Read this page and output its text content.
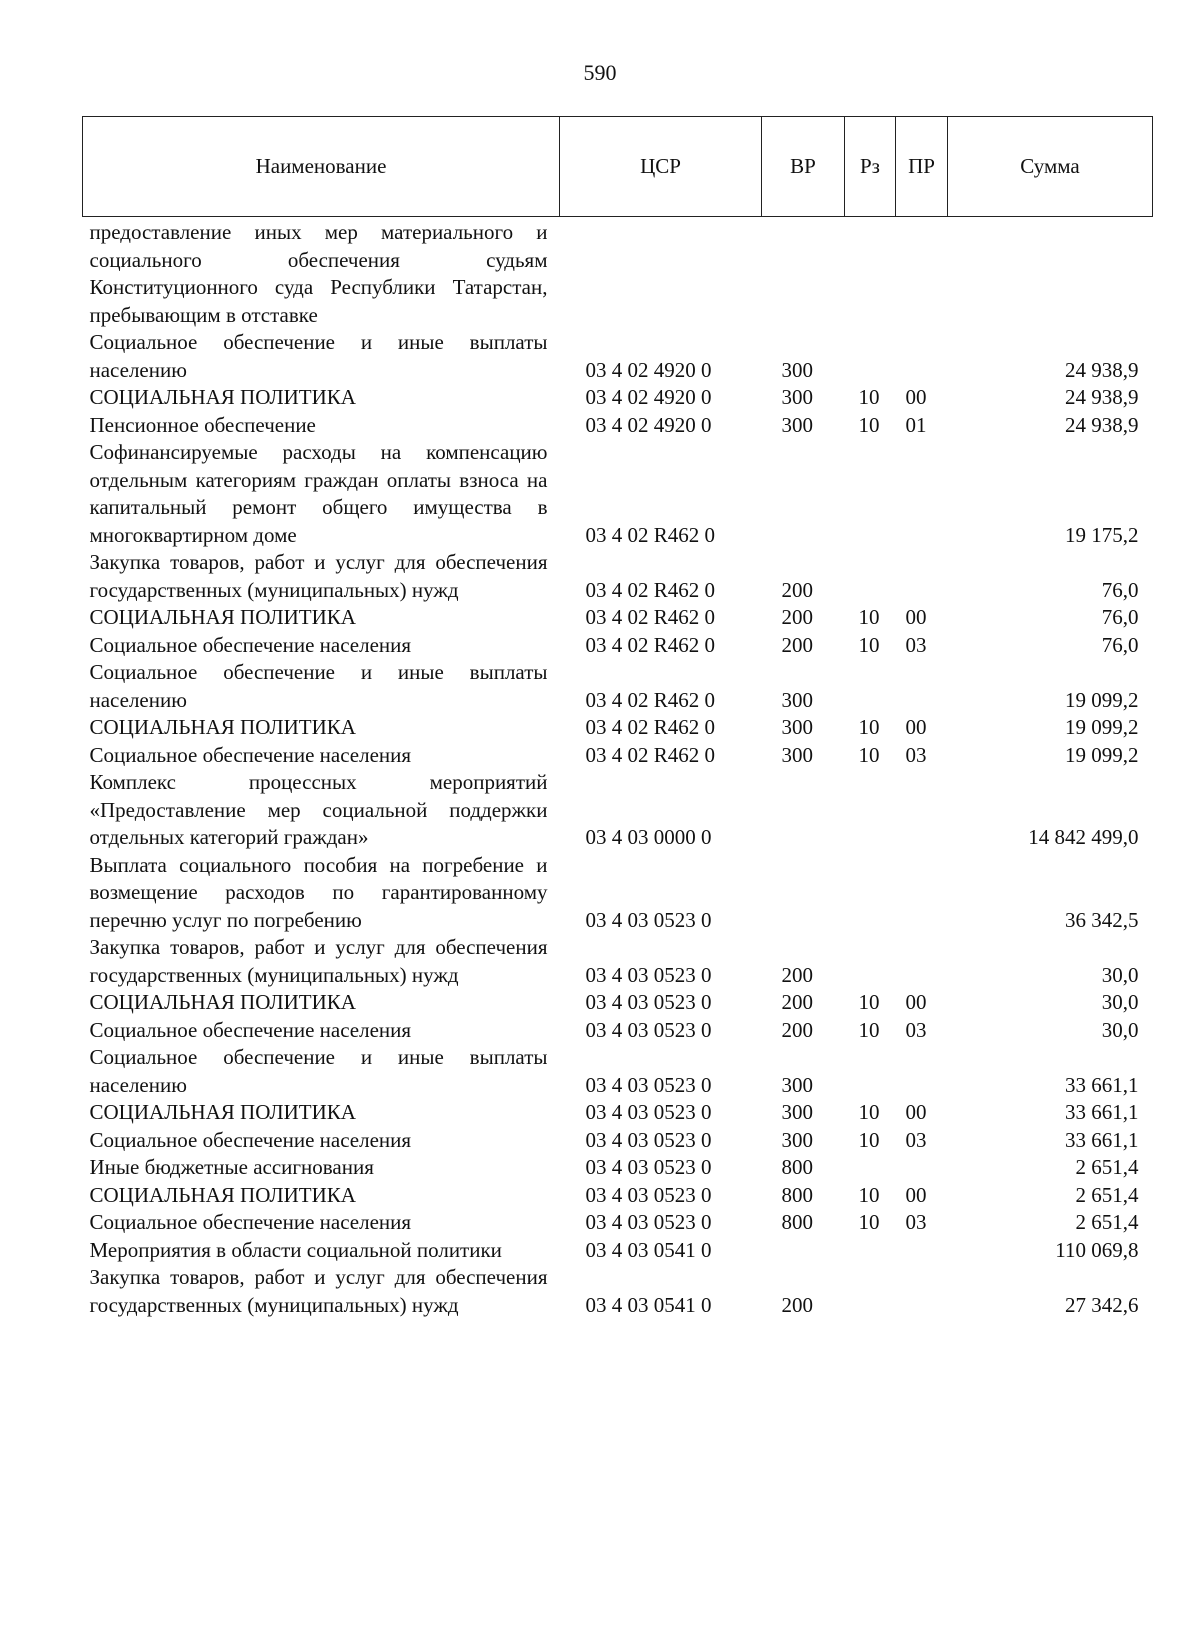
590
Наименование	ЦСР	ВР	Рз	ПР	Сумма
предоставление иных мер материального и социального обеспечения судьям Конституционного суда Республики Татарстан, пребывающим в отставке					
Социальное обеспечение и иные выплаты населению	03 4 02 4920 0	300			24 938,9
СОЦИАЛЬНАЯ ПОЛИТИКА	03 4 02 4920 0	300	10	00	24 938,9
Пенсионное обеспечение	03 4 02 4920 0	300	10	01	24 938,9
Софинансируемые расходы на компенсацию отдельным категориям граждан оплаты взноса на капитальный ремонт общего имущества в многоквартирном доме	03 4 02 R462 0				19 175,2
Закупка товаров, работ и услуг для обеспечения государственных (муниципальных) нужд	03 4 02 R462 0	200			76,0
СОЦИАЛЬНАЯ ПОЛИТИКА	03 4 02 R462 0	200	10	00	76,0
Социальное обеспечение населения	03 4 02 R462 0	200	10	03	76,0
Социальное обеспечение и иные выплаты населению	03 4 02 R462 0	300			19 099,2
СОЦИАЛЬНАЯ ПОЛИТИКА	03 4 02 R462 0	300	10	00	19 099,2
Социальное обеспечение населения	03 4 02 R462 0	300	10	03	19 099,2
Комплекс процессных мероприятий «Предоставление мер социальной поддержки отдельных категорий граждан»	03 4 03 0000 0				14 842 499,0
Выплата социального пособия на погребение и возмещение расходов по гарантированному перечню услуг по погребению	03 4 03 0523 0				36 342,5
Закупка товаров, работ и услуг для обеспечения государственных (муниципальных) нужд	03 4 03 0523 0	200			30,0
СОЦИАЛЬНАЯ ПОЛИТИКА	03 4 03 0523 0	200	10	00	30,0
Социальное обеспечение населения	03 4 03 0523 0	200	10	03	30,0
Социальное обеспечение и иные выплаты населению	03 4 03 0523 0	300			33 661,1
СОЦИАЛЬНАЯ ПОЛИТИКА	03 4 03 0523 0	300	10	00	33 661,1
Социальное обеспечение населения	03 4 03 0523 0	300	10	03	33 661,1
Иные бюджетные ассигнования	03 4 03 0523 0	800			2 651,4
СОЦИАЛЬНАЯ ПОЛИТИКА	03 4 03 0523 0	800	10	00	2 651,4
Социальное обеспечение населения	03 4 03 0523 0	800	10	03	2 651,4
Мероприятия в области социальной политики	03 4 03 0541 0				110 069,8
Закупка товаров, работ и услуг для обеспечения государственных (муниципальных) нужд	03 4 03 0541 0	200			27 342,6
